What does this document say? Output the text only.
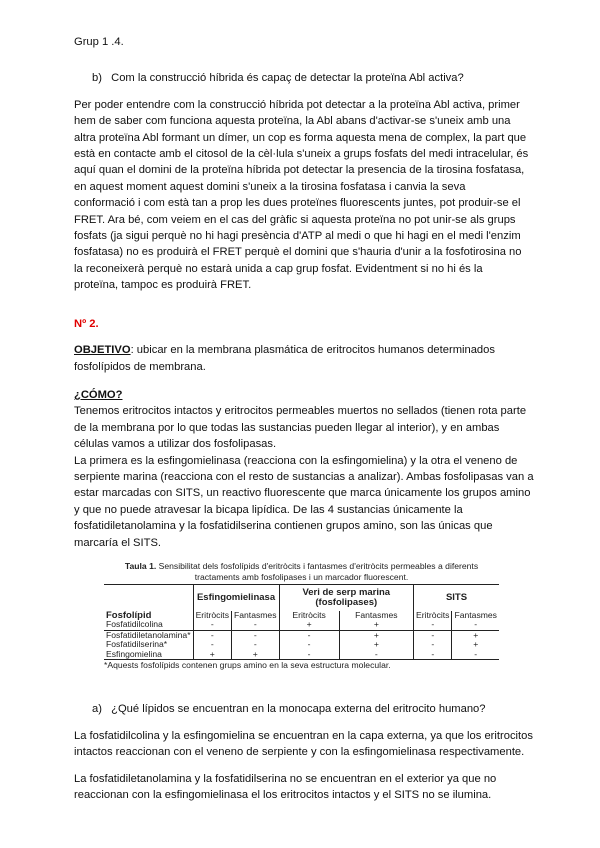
Grup 1 .4.
b) Com la construcció híbrida és capaç de detectar la proteïna Abl activa?
Per poder entendre com la construcció híbrida pot detectar a la proteïna Abl activa, primer hem de saber com funciona aquesta proteïna, la Abl abans d'activar-se s'uneix amb una altra proteïna Abl formant un dímer, un cop es forma aquesta mena de complex, la part que està en contacte amb el citosol de la cèl·lula s'uneix a grups fosfats del medi intracelular, és aquí quan el domini de la proteïna híbrida pot detectar la presencia de la tirosina fosfatasa, en aquest moment aquest domini s'uneix a la tirosina fosfatasa i canvia la seva conformació i com està tan a prop les dues proteïnes fluorescents juntes, pot produir-se el FRET. Ara bé, com veiem en el cas del gràfic si aquesta proteïna no pot unir-se als grups fosfats (ja sigui perquè no hi hagi presència d'ATP al medi o que hi hagi en el medi l'enzim fosfatasa) no es produirà el FRET perquè el domini que s'hauria d'unir a la fosfotirosina no la reconeixerà perquè no estarà unida a cap grup fosfat. Evidentment si no hi és la proteïna, tampoc es produirà FRET.
Nº 2.
OBJETIVO: ubicar en la membrana plasmática de eritrocitos humanos determinados fosfolípidos de membrana.
¿CÓMO?
Tenemos eritrocitos intactos y eritrocitos permeables muertos no sellados (tienen rota parte de la membrana por lo que todas las sustancias pueden llegar al interior), y en ambas células vamos a utilizar dos fosfolipasas.
La primera es la esfingomielinasa (reacciona con la esfingomielina) y la otra el veneno de serpiente marina (reacciona con el resto de sustancias a analizar). Ambas fosfolipasas van a estar marcadas con SITS, un reactivo fluorescente que marca únicamente los grupos amino y que no puede atravesar la bicapa lipídica. De las 4 sustancias únicamente la fosfatidiletanolamina y la fosfatidilserina contienen grupos amino, son las únicas que marcaría el SITS.
Taula 1. Sensibilitat dels fosfolípids d'eritròcits i fantasmes d'eritròcits permeables a diferents tractaments amb fosfolipases i un marcador fluorescent.
	Esfingomielinasa		Veri de serp marina (fosfolipases)		SITS	
Fosfolípid	Eritròcits	Fantasmes	Eritròcits	Fantasmes	Eritròcits	Fantasmes
Fosfatidilcolina	-	-	+	+	-	-
Fosfatidiletanolamina*	-	-	-	+	-	+
Fosfatidilserina*	-	-	-	+	-	+
Esfingomielina	+	+	-	-	-	-
*Aquests fosfolípids contenen grups amino en la seva estructura molecular.
a) ¿Qué lípidos se encuentran en la monocapa externa del eritrocito humano?
La fosfatidilcolina y la esfingomielina se encuentran en la capa externa, ya que los eritrocitos intactos reaccionan con el veneno de serpiente y con la esfingomielinasa respectivamente.
La fosfatidiletanolamina y la fosfatidilserina no se encuentran en el exterior ya que no reaccionan con la esfingomielinasa el los eritrocitos intactos y el SITS no se ilumina.
